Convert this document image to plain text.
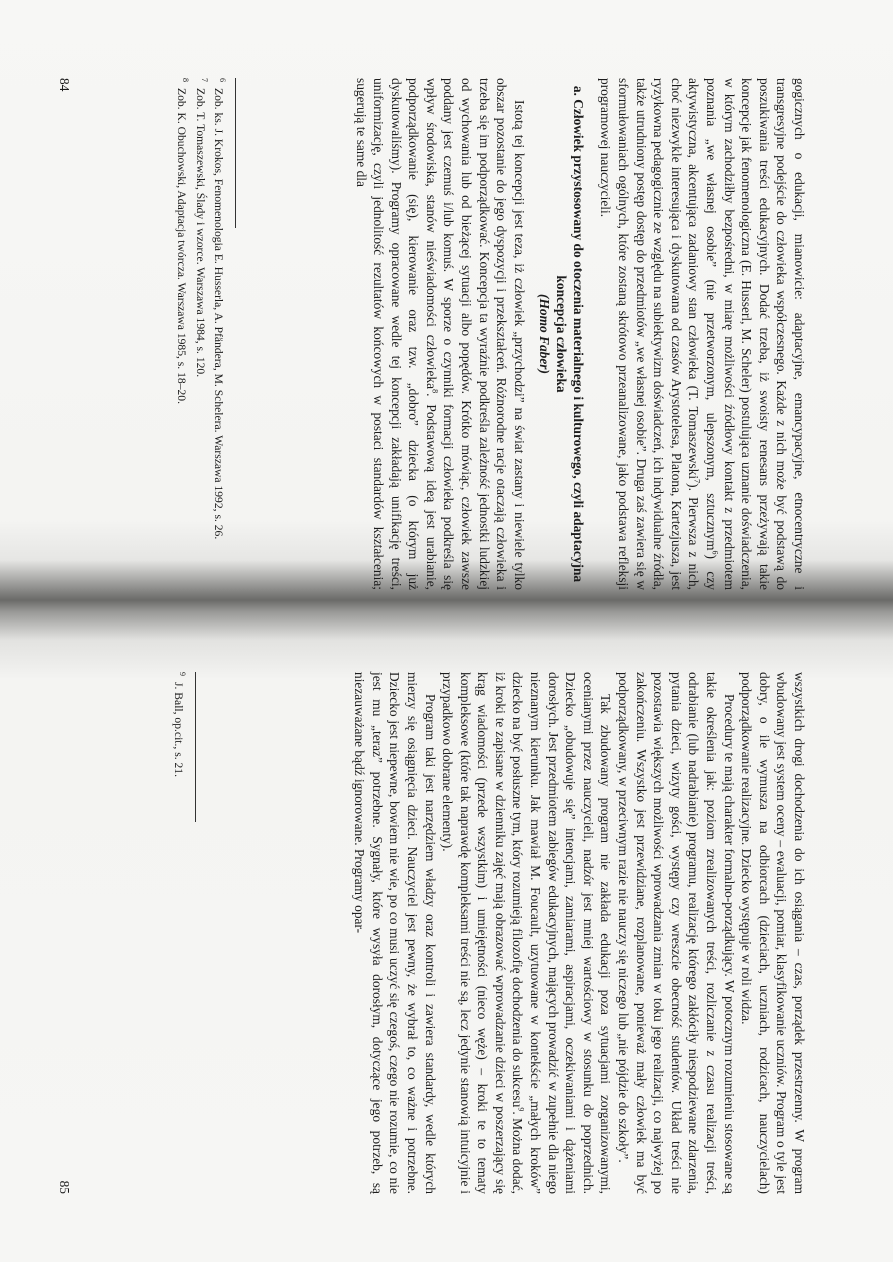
gogicznych o edukacji, mianowicie: adaptacyjne, emancypacyjne, etnocentryczne i transgresyjne podejście do człowieka współczesnego. Każde z nich może być podstawą do poszukiwania treści edukacyjnych. Dodać trzeba, iż swoisty renesans przeżywają takie koncepcje jak fenomenologiczna (E. Husserl, M. Scheler) postulująca uznanie doświadczenia, w którym zachodziłby bezpośredni, w miarę możliwości źródłowy kontakt z przedmiotem poznania „we własnej osobie” (nie przetworzonym, ulepszonym, sztucznym$^6$) czy aktywistyczna, akcentująca zadaniowy stan człowieka (T. Tomaszewski$^7$). Pierwsza z nich, choć niezwykle interesująca i dyskutowana od czasów Arystotelesa, Platona, Kartezjusza, jest ryzykowna pedagogicznie ze względu na subiektywizm doświadczeń, ich indywidualne źródła, także utrudniony postęp dostęp do przedmiotów „we własnej osobie”. Druga zaś zawiera się w sformułowaniach ogólnych, które zostaną skrótowo przeanalizowane, jako podstawa refleksji programowej nauczycieli.

a. Człowiek przystosowany do otoczenia materialnego i kulturowego, czyli adaptacyjna koncepcja człowieka
(Homo Faber)

Istotą tej koncepcji jest teza, iż człowiek „przychodzi” na świat zastany i niewiele tylko obszar pozostanie do jego dyspozycji i przekształceń. Różnorodne racje otaczają człowieka i trzeba się im podporządkować. Koncepcja ta wyraźnie podkreśla zależność jednostki ludzkiej od wychowania lub od bieżącej sytuacji albo popędów. Krótko mówiąc, człowiek zawsze poddany jest czemuś i/lub komuś. W sporze o czynniki formacji człowieka podkreśla się wpływ środowiska, stanów nieświadomości człowieka$^8$. Podstawową ideą jest urabianie, podporządkowanie (się), kierowanie oraz tzw. „dobro” dziecka (o którym już dyskutowaliśmy). Programy opracowane wedle tej koncepcji zakładają unifikację treści, uniformizację, czyli jednolitość rezultatów końcowych w postaci standardów kształcenia; sugerują te same dla

$^6$Zob. ks. J. Krokos, Fenomenologia E. Husserla, A. Pfändera, M. Schelera. Warszawa 1992, s. 26.

$^7$Zob. T. Tomaszewski, Ślady i wzorce. Warszawa 1984, s. 120.

$^8$Zob. K. Obuchowski, Adaptacja twórcza. Warszawa 1985, s. 18–20.

84

wszystkich drogi dochodzenia do ich osiągania – czas, porządek przestrzenny. W program wbudowany jest system oceny – ewaluacji, pomiar, klasyfikowanie uczniów. Program o tyle jest dobry, o ile wymusza na odbiorcach (dzieciach, uczniach, rodzicach, nauczycielach) podporządkowanie realizacyjne. Dziecko występuje w roli widza.

Procedury te mają charakter formalno-porządkujący. W potocznym rozumieniu stosowane są takie określenia jak: poziom zrealizowanych treści, rozliczanie z czasu realizacji treści, odrabianie (lub nadrabianie) programu, realizację którego zakłóciły niespodziewane zdarzenia, pytania dzieci, wizyty gości, występy czy wreszcie obecność studentów. Układ treści nie pozostawia większych możliwości wprowadzania zmian w toku jego realizacji, co najwyżej po zakończeniu. Wszystko jest przewidziane, rozplanowane, ponieważ mały człowiek ma być podporządkowany, w przeciwnym razie nie nauczy się niczego lub „nie pójdzie do szkoły”.

Tak zbudowany program nie zakłada edukacji poza sytuacjami zorganizowanymi, ocenianymi przez nauczycieli, nadzór jest mniej wartościowy w stosunku do poprzednich. Dziecko „obudowuje się” intencjami, zamiarami, aspiracjami, oczekiwaniami i dążeniami dorosłych. Jest przedmiotem zabiegów edukacyjnych, mających prowadzić w zupełnie dla niego nieznanym kierunku. Jak mawiał M. Foucault, uzytuowane w kontekście „małych kroków” dziecko na być posłuszne tym, który rozumieją filozofię dochodzenia do sukcesu$^9$. Można dodać, iż kroki te zapisane w dzienniku zajęć mają obrazować wprowadzanie dzieci w poszerzający się krąg wiadomości (przede wszystkim) i umiejętności (nieco węże) – kroki te to tematy kompleksowe (które tak naprawdę kompleksami treści nie są, lecz jedynie stanowią intuicyjnie i przypadkowo dobrane elementy).

Program taki jest narzędziem władzy oraz kontroli i zawiera standardy, wedle których mierzy się osiągnięcia dzieci. Nauczyciel jest pewny, że wybrał to, co ważne i potrzebne. Dziecko jest niepewne, bowiem nie wie, po co musi uczyć się czegoś, czego nie rozumie, co nie jest mu „teraz” potrzebne. Sygnały, które wysyła dorosłym, dotyczące jego potrzeb, są niezauważane bądź ignorowane. Programy opar-

$^9$J. Ball, op.cit., s. 21.

85
